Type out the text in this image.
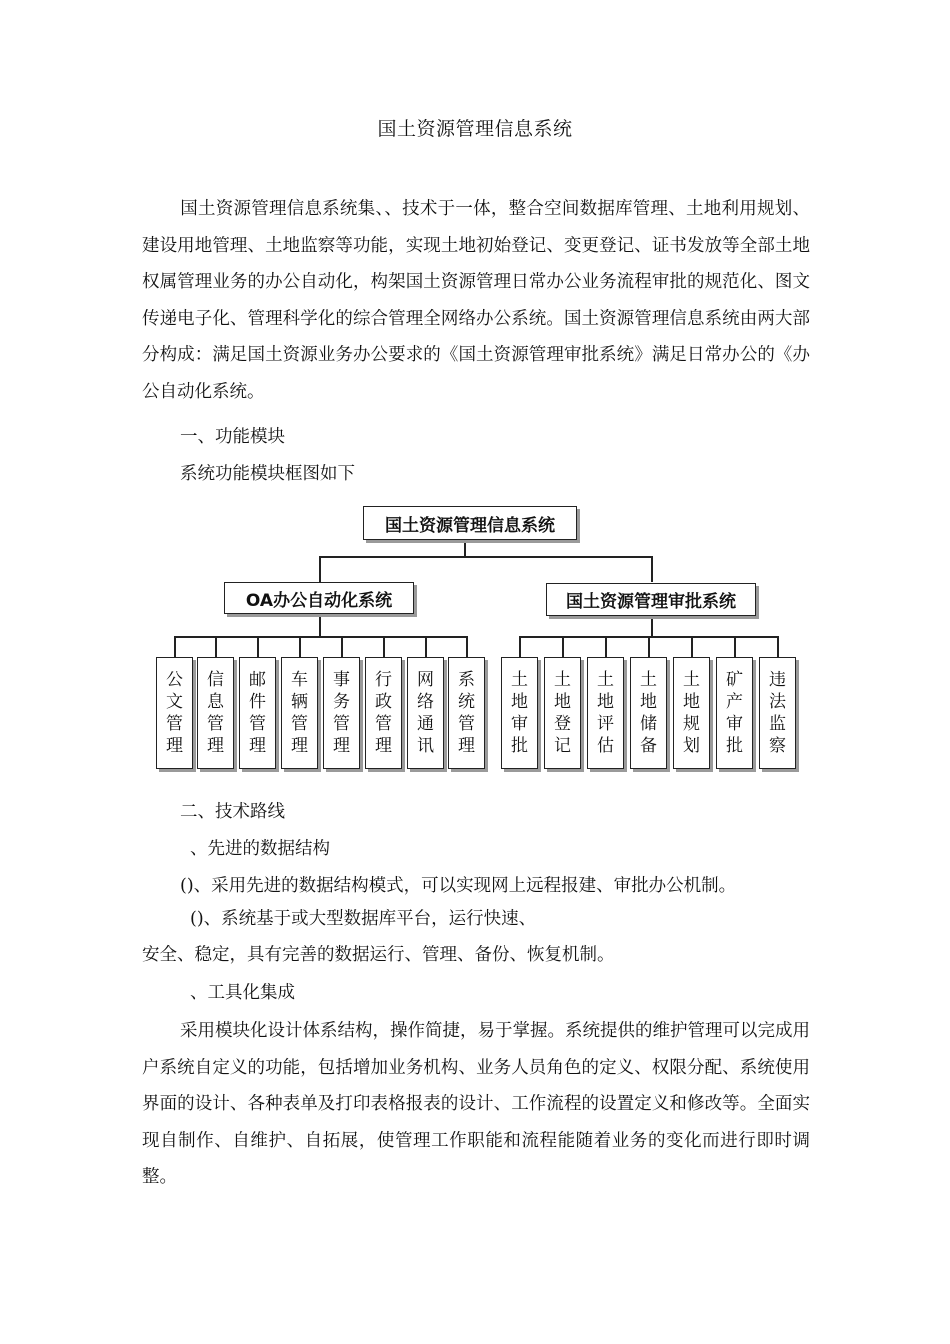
国土资源管理信息系统

国土资源管理信息系统集、、技术于一体，整合空间数据库管理、土地利用规划、建设用地管理、土地监察等功能，实现土地初始登记、变更登记、证书发放等全部土地权属管理业务的办公自动化，构架国土资源管理日常办公业务流程审批的规范化、图文传递电子化、管理科学化的综合管理全网络办公系统。国土资源管理信息系统由两大部分构成：满足国土资源业务办公要求的《国土资源管理审批系统》满足日常办公的《办公自动化系统。

一、功能模块

系统功能模块框图如下

国土资源管理信息系统
OA办公自动化系统	国土资源管理审批系统
公文管理
信息管理
邮件管理
车辆管理
事务管理
行政管理
网络通讯
系统管理
土地审批
土地登记
土地评估
土地储备
土地规划
矿产审批
违法监察

二、技术路线

、先进的数据结构

()、采用先进的数据结构模式，可以实现网上远程报建、审批办公机制。

()、系统基于或大型数据库平台，运行快速、

安全、稳定，具有完善的数据运行、管理、备份、恢复机制。

、工具化集成

采用模块化设计体系结构，操作简捷，易于掌握。系统提供的维护管理可以完成用户系统自定义的功能，包括增加业务机构、业务人员角色的定义、权限分配、系统使用界面的设计、各种表单及打印表格报表的设计、工作流程的设置定义和修改等。全面实现自制作、自维护、自拓展，使管理工作职能和流程能随着业务的变化而进行即时调整。
